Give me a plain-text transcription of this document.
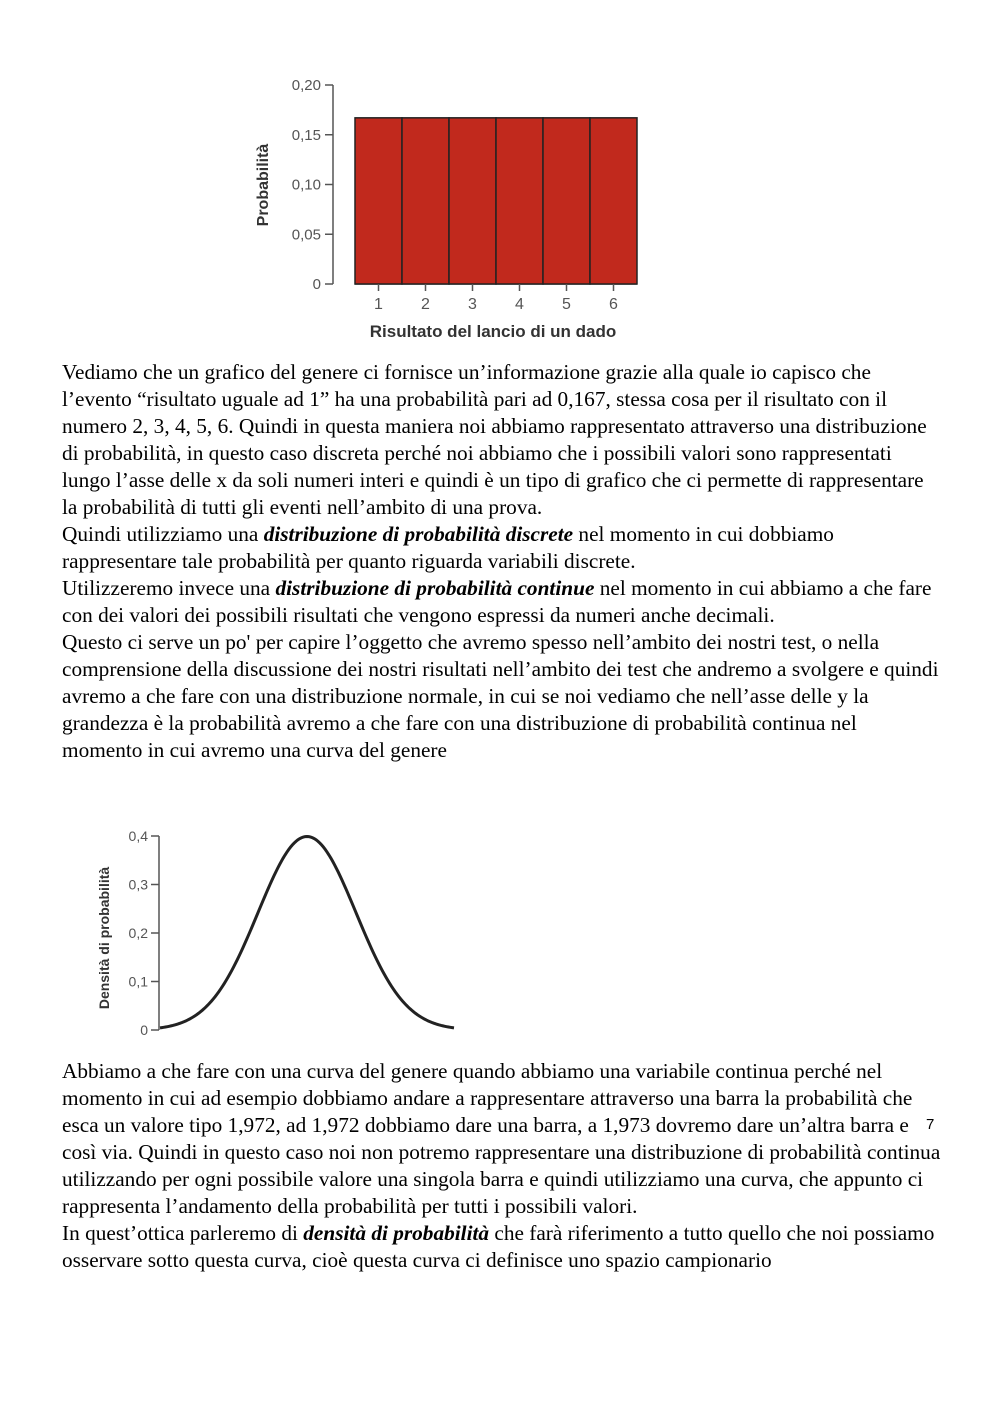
Probabilità
0
0,05
0,10
0,15
0,20
1 2 3 4 5 6
Risultato del lancio di un dado

Vediamo che un grafico del genere ci fornisce un’informazione grazie alla quale io capisco che l’evento “risultato uguale ad 1” ha una probabilità pari ad 0,167, stessa cosa per il risultato con il numero 2, 3, 4, 5, 6. Quindi in questa maniera noi abbiamo rappresentato attraverso una distribuzione di probabilità, in questo caso discreta perché noi abbiamo che i possibili valori sono rappresentati lungo l’asse delle x da soli numeri interi e quindi è un tipo di grafico che ci permette di rappresentare la probabilità di tutti gli eventi nell’ambito di una prova.

Quindi utilizziamo una distribuzione di probabilità discrete nel momento in cui dobbiamo rappresentare tale probabilità per quanto riguarda variabili discrete.

Utilizzeremo invece una distribuzione di probabilità continue nel momento in cui abbiamo a che fare con dei valori dei possibili risultati che vengono espressi da numeri anche decimali.

Questo ci serve un po' per capire l’oggetto che avremo spesso nell’ambito dei nostri test, o nella comprensione della discussione dei nostri risultati nell’ambito dei test che andremo a svolgere e quindi avremo a che fare con una distribuzione normale, in cui se noi vediamo che nell’asse delle y la grandezza è la probabilità avremo a che fare con una distribuzione di probabilità continua nel momento in cui avremo una curva del genere

Densità di probabilità
0
0,1
0,2
0,3
0,4

Abbiamo a che fare con una curva del genere quando abbiamo una variabile continua perché nel momento in cui ad esempio dobbiamo andare a rappresentare attraverso una barra la probabilità che esca un valore tipo 1,972, ad 1,972 dobbiamo dare una barra, a 1,973 dovremo dare un’altra barra e così via. Quindi in questo caso noi non potremo rappresentare una distribuzione di probabilità continua utilizzando per ogni possibile valore una singola barra e quindi utilizziamo una curva, che appunto ci rappresenta l’andamento della probabilità per tutti i possibili valori.

In quest’ottica parleremo di densità di probabilità che farà riferimento a tutto quello che noi possiamo osservare sotto questa curva, cioè questa curva ci definisce uno spazio campionario

7
